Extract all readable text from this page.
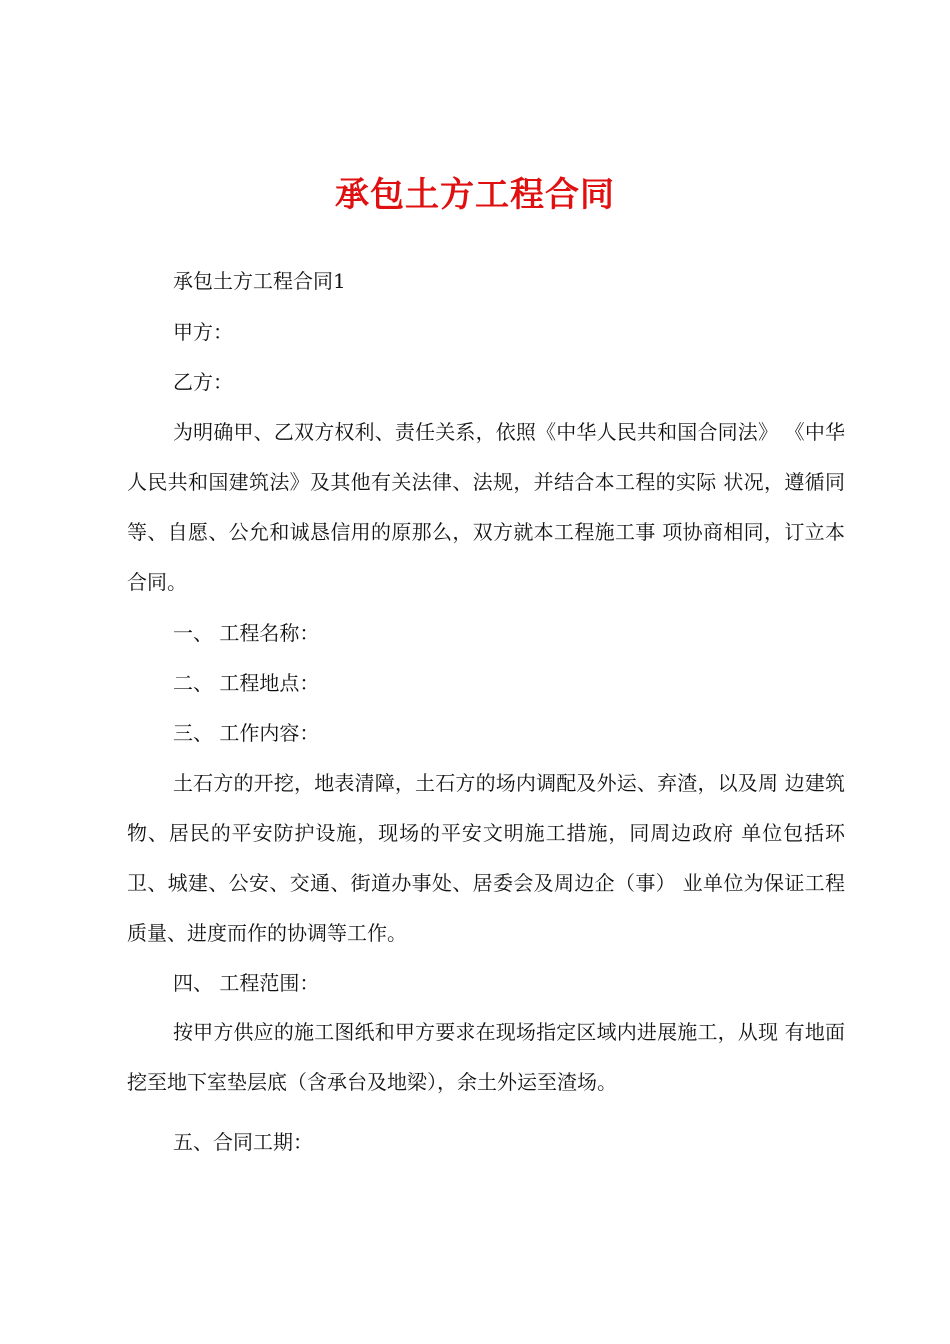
承包土方工程合同
承包土方工程合同1
甲方：
乙方：
为明确甲、乙双方权利、责任关系，依照《中华人民共和国合同法》 《中华人民共和国建筑法》及其他有关法律、法规，并结合本工程的实际 状况，遵循同等、自愿、公允和诚恳信用的原那么，双方就本工程施工事 项协商相同，订立本合同。
一、 工程名称：
二、 工程地点：
三、 工作内容：
土石方的开挖，地表清障，土石方的场内调配及外运、弃渣，以及周 边建筑物、居民的平安防护设施，现场的平安文明施工措施，同周边政府 单位包括环卫、城建、公安、交通、街道办事处、居委会及周边企（事） 业单位为保证工程质量、进度而作的协调等工作。
四、 工程范围：
按甲方供应的施工图纸和甲方要求在现场指定区域内进展施工，从现 有地面挖至地下室垫层底（含承台及地梁），余土外运至渣场。
五、合同工期：
